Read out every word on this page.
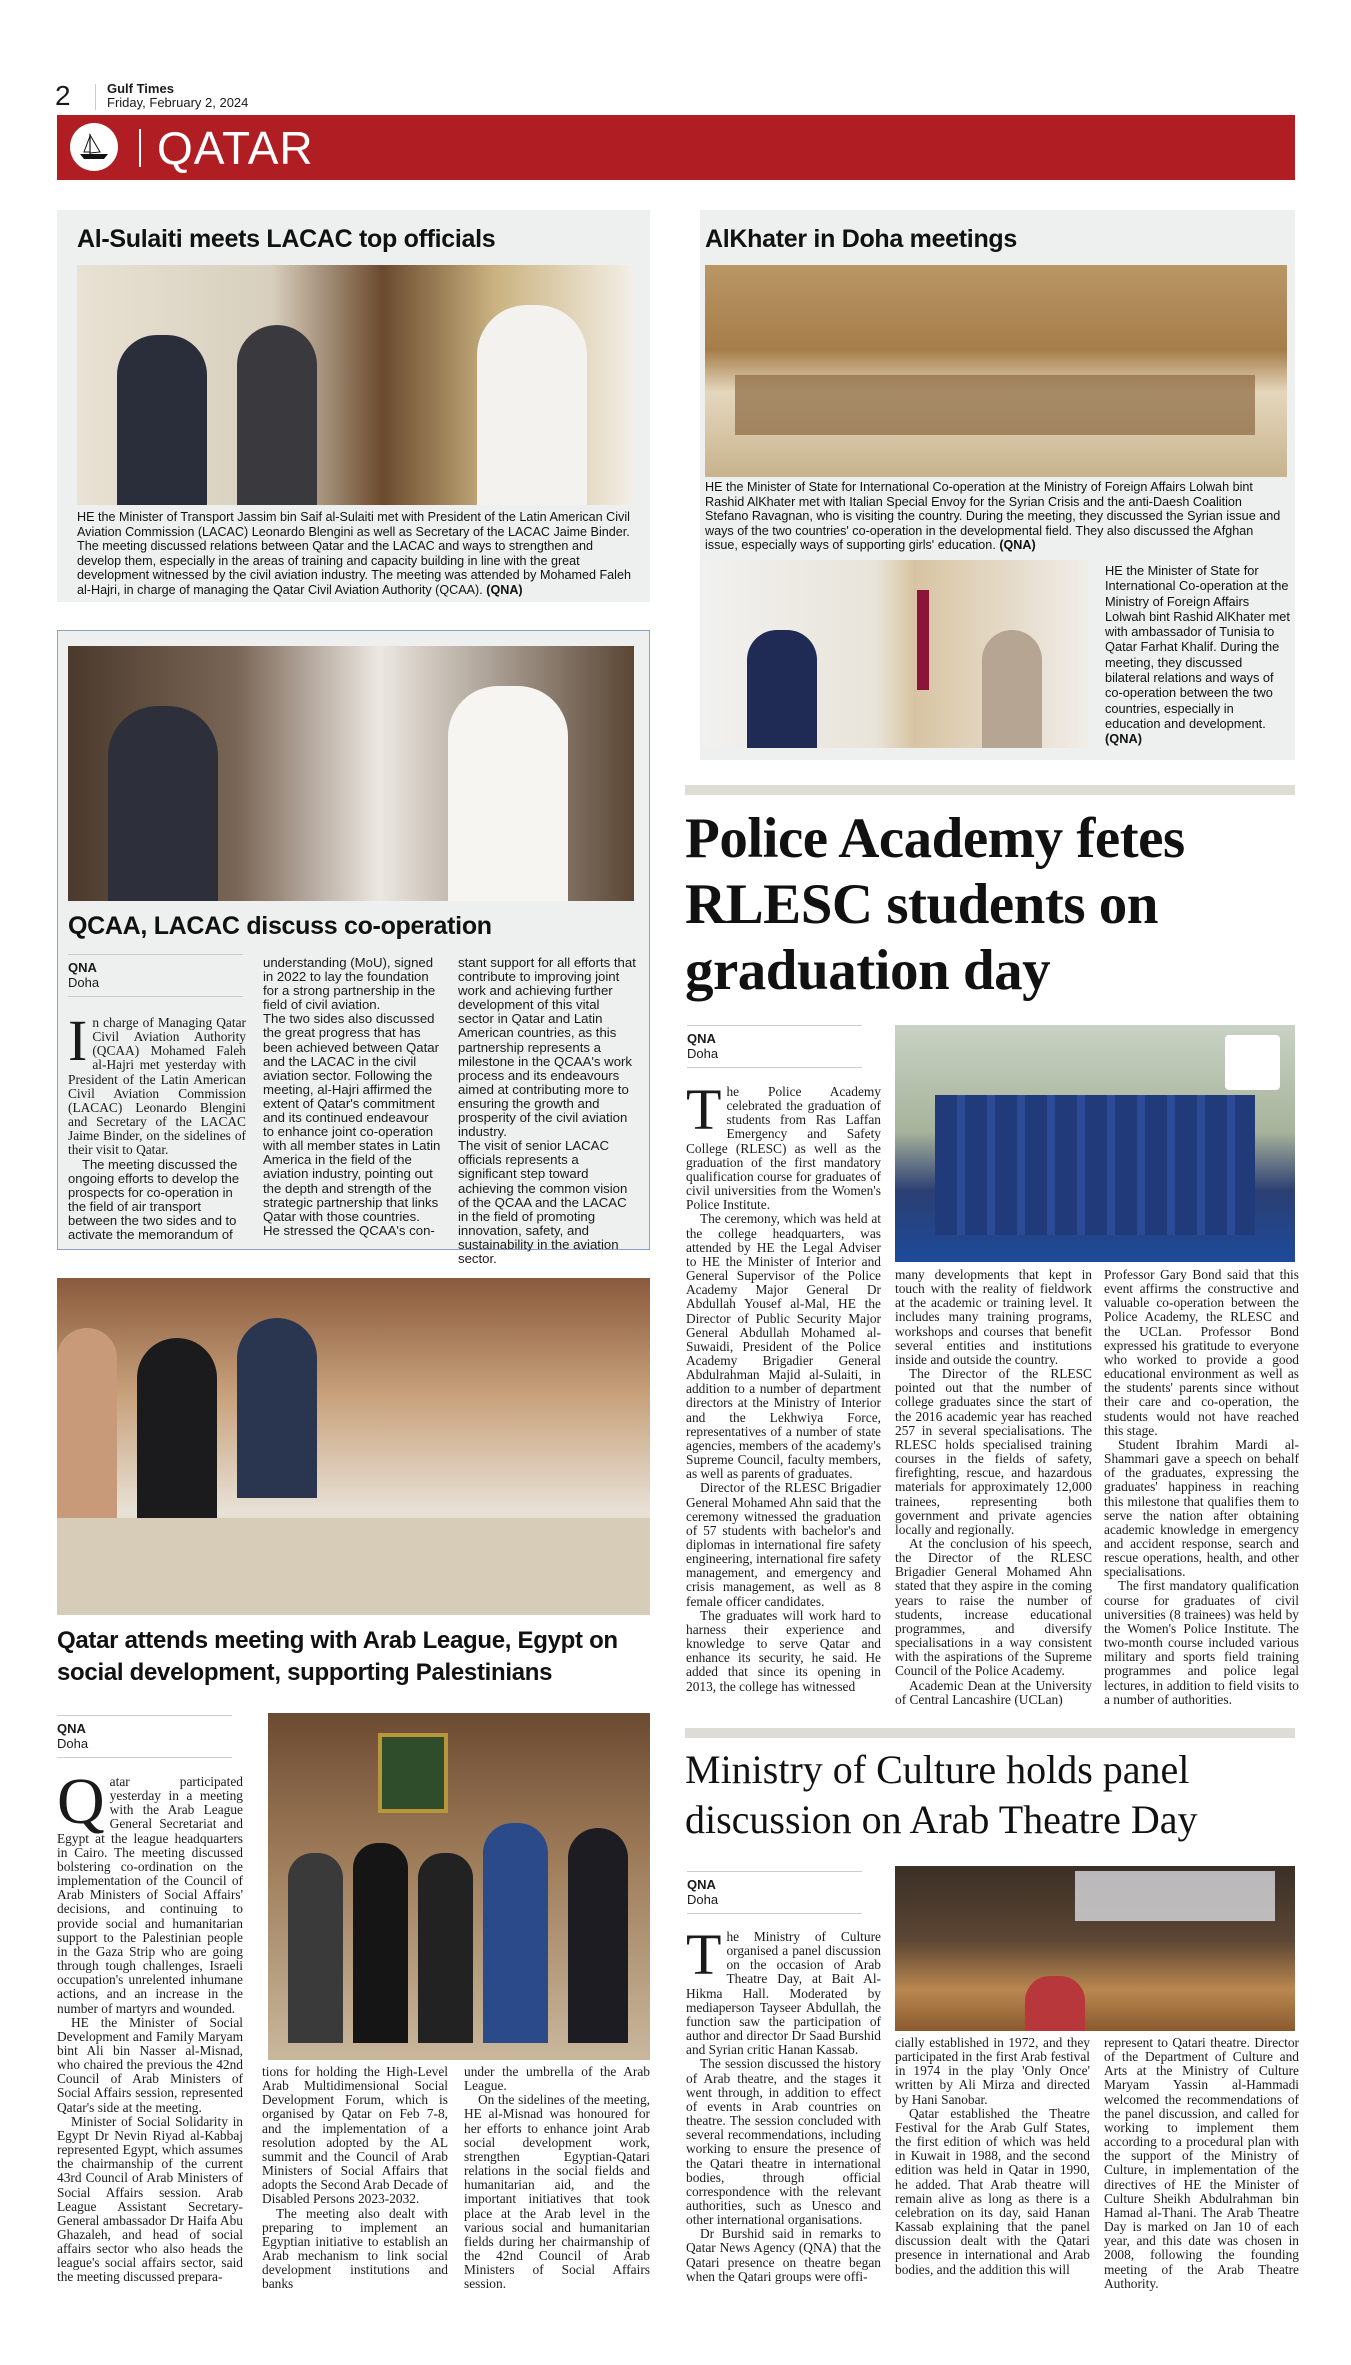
2	Gulf Times
Friday, February 2, 2024
QATAR
Al-Sulaiti meets LACAC top officials
HE the Minister of Transport Jassim bin Saif al-Sulaiti met with President of the Latin American Civil Aviation Commission (LACAC) Leonardo Blengini as well as Secretary of the LACAC Jaime Binder. The meeting discussed relations between Qatar and the LACAC and ways to strengthen and develop them, especially in the areas of training and capacity building in line with the great development witnessed by the civil aviation industry. The meeting was attended by Mohamed Faleh al-Hajri, in charge of managing the Qatar Civil Aviation Authority (QCAA). (QNA)
AlKhater in Doha meetings
HE the Minister of State for International Co-operation at the Ministry of Foreign Affairs Lolwah bint Rashid AlKhater met with Italian Special Envoy for the Syrian Crisis and the anti-Daesh Coalition Stefano Ravagnan, who is visiting the country. During the meeting, they discussed the Syrian issue and ways of the two countries' co-operation in the developmental field. They also discussed the Afghan issue, especially ways of supporting girls' education. (QNA)
HE the Minister of State for International Co-operation at the Ministry of Foreign Affairs Lolwah bint Rashid AlKhater met with ambassador of Tunisia to Qatar Farhat Khalif. During the meeting, they discussed bilateral relations and ways of co-operation between the two countries, especially in education and development. (QNA)
QCAA, LACAC discuss co-operation
QNA
Doha

In charge of Managing Qatar Civil Aviation Authority (QCAA) Mohamed Faleh al-Hajri met yesterday with President of the Latin American Civil Aviation Commission (LACAC) Leonardo Blengini and Secretary of the LACAC Jaime Binder, on the sidelines of their visit to Qatar.

The meeting discussed the ongoing efforts to develop the prospects for co-operation in the field of air transport between the two sides and to activate the memorandum of

understanding (MoU), signed in 2022 to lay the foundation for a strong partnership in the field of civil aviation.

The two sides also discussed the great progress that has been achieved between Qatar and the LACAC in the civil aviation sector. Following the meeting, al-Hajri affirmed the extent of Qatar's commitment and its continued endeavour to enhance joint co-operation with all member states in Latin America in the field of the aviation industry, pointing out the depth and strength of the strategic partnership that links Qatar with those countries.

He stressed the QCAA's con-

stant support for all efforts that contribute to improving joint work and achieving further development of this vital sector in Qatar and Latin American countries, as this partnership represents a milestone in the QCAA's work process and its endeavours aimed at contributing more to ensuring the growth and prosperity of the civil aviation industry.

The visit of senior LACAC officials represents a significant step toward achieving the common vision of the QCAA and the LACAC in the field of promoting innovation, safety, and sustainability in the aviation sector.

Qatar attends meeting with Arab League, Egypt on social development, supporting Palestinians
QNA
Doha

Qatar participated yesterday in a meeting with the Arab League General Secretariat and Egypt at the league headquarters in Cairo. The meeting discussed bolstering co-ordination on the implementation of the Council of Arab Ministers of Social Affairs' decisions, and continuing to provide social and humanitarian support to the Palestinian people in the Gaza Strip who are going through tough challenges, Israeli occupation's unrelented inhumane actions, and an increase in the number of martyrs and wounded.

HE the Minister of Social Development and Family Maryam bint Ali bin Nasser al-Misnad, who chaired the previous the 42nd Council of Arab Ministers of Social Affairs session, represented Qatar's side at the meeting.

Minister of Social Solidarity in Egypt Dr Nevin Riyad al-Kabbaj represented Egypt, which assumes the chairmanship of the current 43rd Council of Arab Ministers of Social Affairs session. Arab League Assistant Secretary-General ambassador Dr Haifa Abu Ghazaleh, and head of social affairs sector who also heads the league's social affairs sector, said the meeting discussed prepara-

tions for holding the High-Level Arab Multidimensional Social Development Forum, which is organised by Qatar on Feb 7-8, and the implementation of a resolution adopted by the AL summit and the Council of Arab Ministers of Social Affairs that adopts the Second Arab Decade of Disabled Persons 2023-2032.

The meeting also dealt with preparing to implement an Egyptian initiative to establish an Arab mechanism to link social development institutions and banks

under the umbrella of the Arab League.

On the sidelines of the meeting, HE al-Misnad was honoured for her efforts to enhance joint Arab social development work, strengthen Egyptian-Qatari relations in the social fields and humanitarian aid, and the important initiatives that took place at the Arab level in the various social and humanitarian fields during her chairmanship of the 42nd Council of Arab Ministers of Social Affairs session.

Police Academy fetes RLESC students on graduation day
QNA
Doha

The Police Academy celebrated the graduation of students from Ras Laffan Emergency and Safety College (RLESC) as well as the graduation of the first mandatory qualification course for graduates of civil universities from the Women's Police Institute.

The ceremony, which was held at the college headquarters, was attended by HE the Legal Adviser to HE the Minister of Interior and General Supervisor of the Police Academy Major General Dr Abdullah Yousef al-Mal, HE the Director of Public Security Major General Abdullah Mohamed al-Suwaidi, President of the Police Academy Brigadier General Abdulrahman Majid al-Sulaiti, in addition to a number of department directors at the Ministry of Interior and the Lekhwiya Force, representatives of a number of state agencies, members of the academy's Supreme Council, faculty members, as well as parents of graduates.

Director of the RLESC Brigadier General Mohamed Ahn said that the ceremony witnessed the graduation of 57 students with bachelor's and diplomas in international fire safety engineering, international fire safety management, and emergency and crisis management, as well as 8 female officer candidates.

The graduates will work hard to harness their experience and knowledge to serve Qatar and enhance its security, he said. He added that since its opening in 2013, the college has witnessed

many developments that kept in touch with the reality of fieldwork at the academic or training level. It includes many training programs, workshops and courses that benefit several entities and institutions inside and outside the country.

The Director of the RLESC pointed out that the number of college graduates since the start of the 2016 academic year has reached 257 in several specialisations. The RLESC holds specialised training courses in the fields of safety, firefighting, rescue, and hazardous materials for approximately 12,000 trainees, representing both government and private agencies locally and regionally.

At the conclusion of his speech, the Director of the RLESC Brigadier General Mohamed Ahn stated that they aspire in the coming years to raise the number of students, increase educational programmes, and diversify specialisations in a way consistent with the aspirations of the Supreme Council of the Police Academy.

Academic Dean at the University of Central Lancashire (UCLan)

Professor Gary Bond said that this event affirms the constructive and valuable co-operation between the Police Academy, the RLESC and the UCLan. Professor Bond expressed his gratitude to everyone who worked to provide a good educational environment as well as the students' parents since without their care and co-operation, the students would not have reached this stage.

Student Ibrahim Mardi al-Shammari gave a speech on behalf of the graduates, expressing the graduates' happiness in reaching this milestone that qualifies them to serve the nation after obtaining academic knowledge in emergency and accident response, search and rescue operations, health, and other specialisations.

The first mandatory qualification course for graduates of civil universities (8 trainees) was held by the Women's Police Institute. The two-month course included various military and sports field training programmes and police legal lectures, in addition to field visits to a number of authorities.

Ministry of Culture holds panel discussion on Arab Theatre Day
QNA
Doha

The Ministry of Culture organised a panel discussion on the occasion of Arab Theatre Day, at Bait Al-Hikma Hall. Moderated by mediaperson Tayseer Abdullah, the function saw the participation of author and director Dr Saad Burshid and Syrian critic Hanan Kassab.

The session discussed the history of Arab theatre, and the stages it went through, in addition to effect of events in Arab countries on theatre. The session concluded with several recommendations, including working to ensure the presence of the Qatari theatre in international bodies, through official correspondence with the relevant authorities, such as Unesco and other international organisations.

Dr Burshid said in remarks to Qatar News Agency (QNA) that the Qatari presence on theatre began when the Qatari groups were offi-

cially established in 1972, and they participated in the first Arab festival in 1974 in the play 'Only Once' written by Ali Mirza and directed by Hani Sanobar.

Qatar established the Theatre Festival for the Arab Gulf States, the first edition of which was held in Kuwait in 1988, and the second edition was held in Qatar in 1990, he added. That Arab theatre will remain alive as long as there is a celebration on its day, said Hanan Kassab explaining that the panel discussion dealt with the Qatari presence in international and Arab bodies, and the addition this will

represent to Qatari theatre. Director of the Department of Culture and Arts at the Ministry of Culture Maryam Yassin al-Hammadi welcomed the recommendations of the panel discussion, and called for working to implement them according to a procedural plan with the support of the Ministry of Culture, in implementation of the directives of HE the Minister of Culture Sheikh Abdulrahman bin Hamad al-Thani. The Arab Theatre Day is marked on Jan 10 of each year, and this date was chosen in 2008, following the founding meeting of the Arab Theatre Authority.
